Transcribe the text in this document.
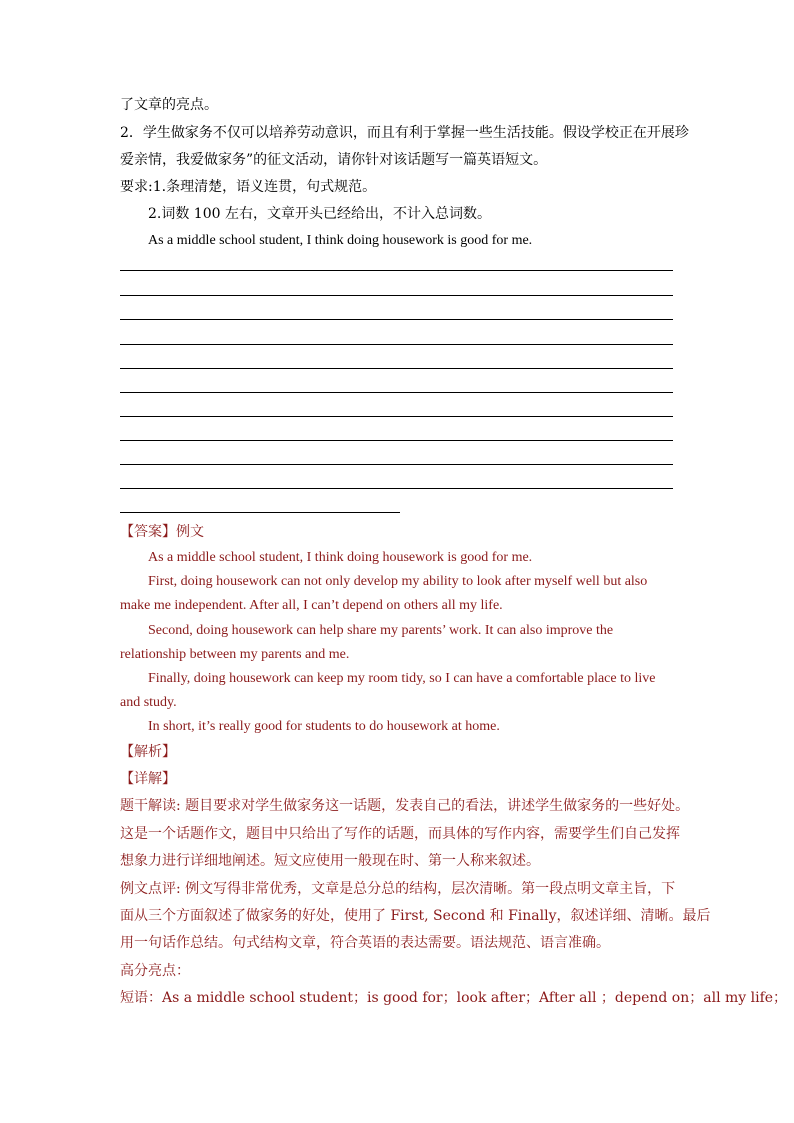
了文章的亮点。
2．学生做家务不仅可以培养劳动意识，而且有利于掌握一些生活技能。假设学校正在开展珍
爱亲情，我爱做家务”的征文活动，请你针对该话题写一篇英语短文。
要求:1.条理清楚，语义连贯，句式规范。
2.词数 100 左右，文章开头已经给出，不计入总词数。
As a middle school student, I think doing housework is good for me.
【答案】例文
As a middle school student, I think doing housework is good for me.
First, doing housework can not only develop my ability to look after myself well but also
make me independent. After all, I can’t depend on others all my life.
Second, doing housework can help share my parents’ work. It can also improve the
relationship between my parents and me.
Finally, doing housework can keep my room tidy, so I can have a comfortable place to live
and study.
In short, it’s really good for students to do housework at home.
【解析】
【详解】
题干解读: 题目要求对学生做家务这一话题，发表自己的看法，讲述学生做家务的一些好处。
这是一个话题作文，题目中只给出了写作的话题，而具体的写作内容，需要学生们自己发挥
想象力进行详细地阐述。短文应使用一般现在时、第一人称来叙述。
例文点评: 例文写得非常优秀，文章是总分总的结构，层次清晰。第一段点明文章主旨，下
面从三个方面叙述了做家务的好处，使用了 First, Second 和 Finally，叙述详细、清晰。最后
用一句话作总结。句式结构文章，符合英语的表达需要。语法规范、语言准确。
高分亮点：
短语：As a middle school student；is good for；look after；After all ；depend on；all my life；
